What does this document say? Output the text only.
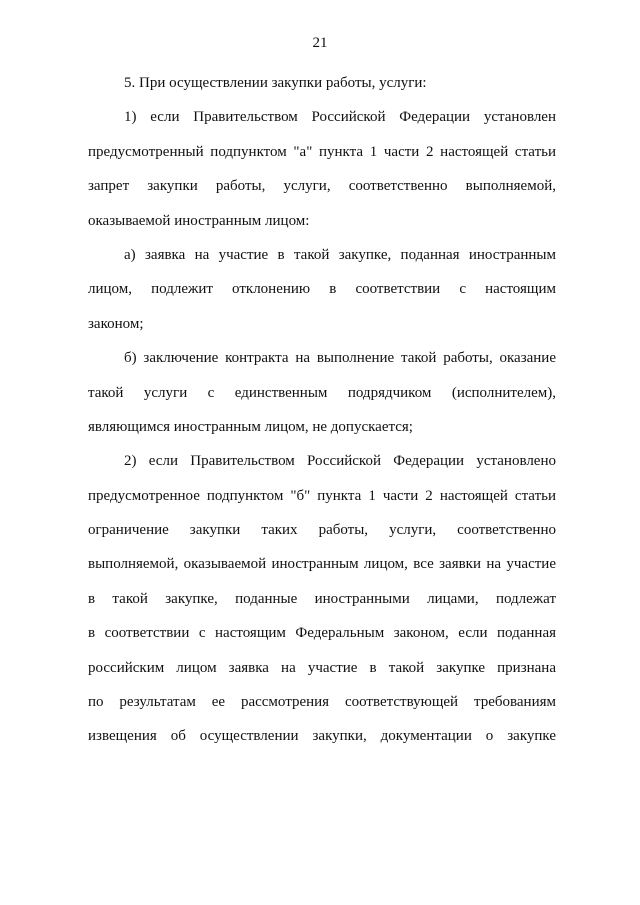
21
5. При осуществлении закупки работы, услуги:
1) если Правительством Российской Федерации установлен
предусмотренный подпунктом "а" пункта 1 части 2 настоящей статьи
запрет закупки работы, услуги, соответственно выполняемой,
оказываемой иностранным лицом:
а) заявка на участие в такой закупке, поданная иностранным
лицом, подлежит отклонению в соответствии с настоящим
законом;
б) заключение контракта на выполнение такой работы, оказание
такой услуги с единственным подрядчиком (исполнителем),
являющимся иностранным лицом, не допускается;
2) если Правительством Российской Федерации установлено
предусмотренное подпунктом "б" пункта 1 части 2 настоящей статьи
ограничение закупки таких работы, услуги, соответственно
выполняемой, оказываемой иностранным лицом, все заявки на участие
в такой закупке, поданные иностранными лицами, подлежат
в соответствии с настоящим Федеральным законом, если поданная
российским лицом заявка на участие в такой закупке признана
по результатам ее рассмотрения соответствующей требованиям
извещения об осуществлении закупки, документации о закупке
